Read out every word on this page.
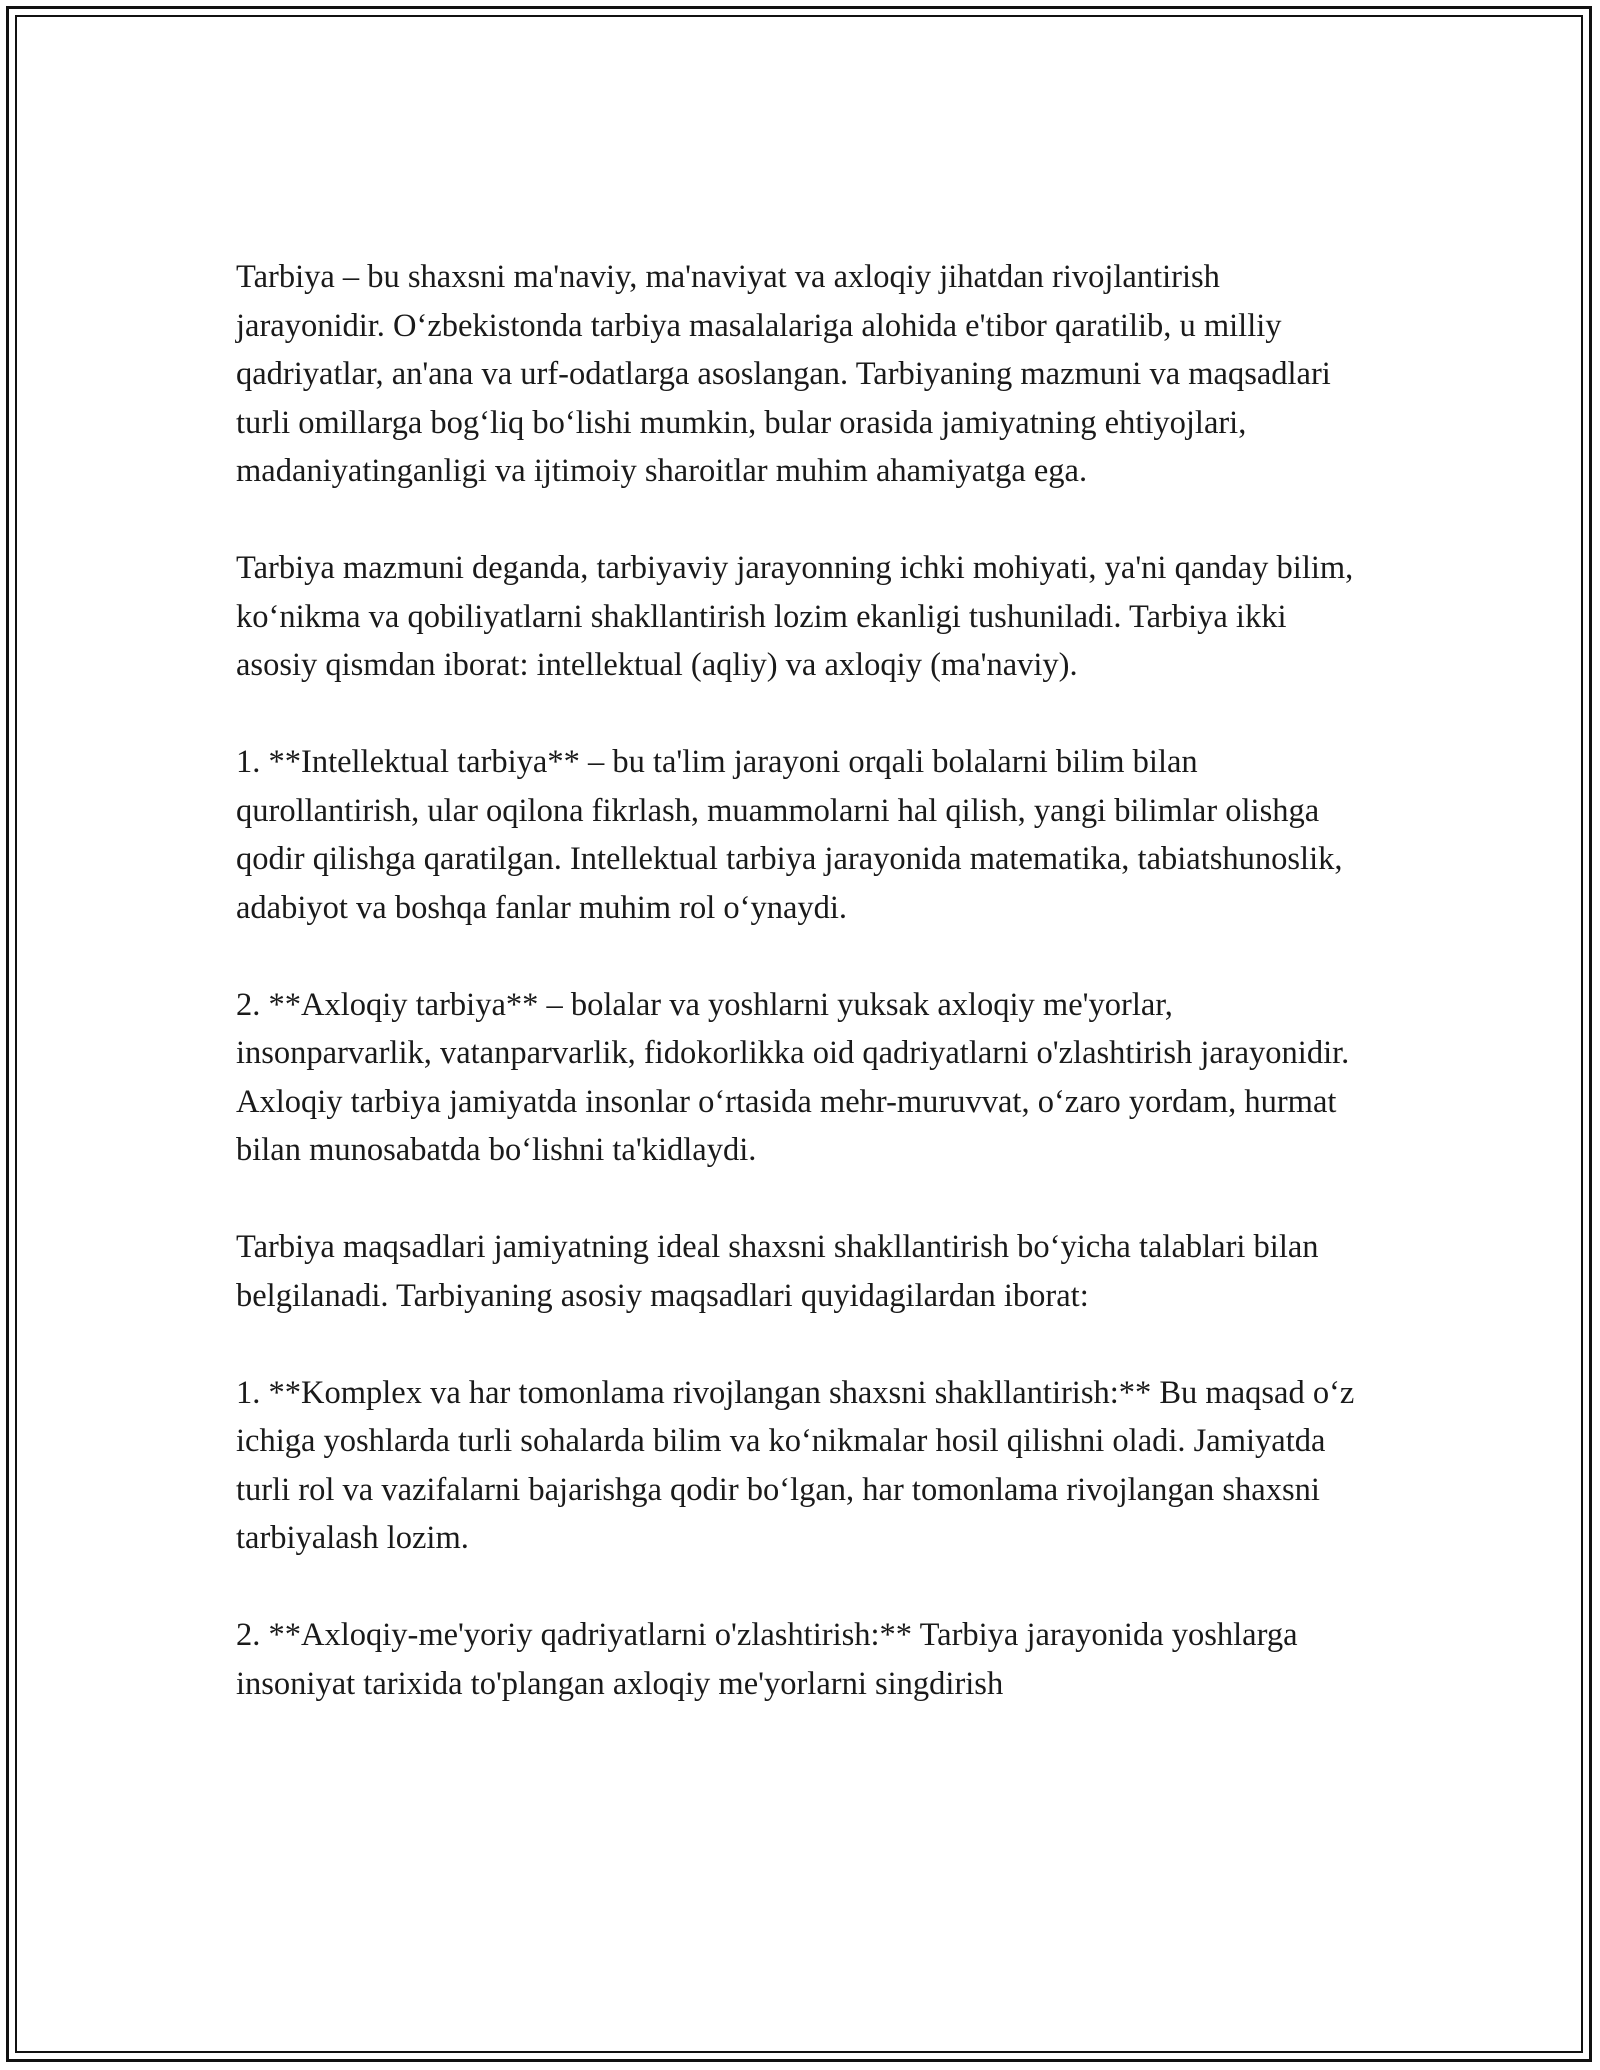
Tarbiya – bu shaxsni ma'naviy, ma'naviyat va axloqiy jihatdan rivojlantirish jarayonidir. O‘zbekistonda tarbiya masalalariga alohida e'tibor qaratilib, u milliy qadriyatlar, an'ana va urf-odatlarga asoslangan. Tarbiyaning mazmuni va maqsadlari turli omillarga bog‘liq bo‘lishi mumkin, bular orasida jamiyatning ehtiyojlari, madaniyatinganligi va ijtimoiy sharoitlar muhim ahamiyatga ega.

Tarbiya mazmuni deganda, tarbiyaviy jarayonning ichki mohiyati, ya'ni qanday bilim, ko‘nikma va qobiliyatlarni shakllantirish lozim ekanligi tushuniladi. Tarbiya ikki asosiy qismdan iborat: intellektual (aqliy) va axloqiy (ma'naviy).

1. **Intellektual tarbiya** – bu ta'lim jarayoni orqali bolalarni bilim bilan qurollantirish, ular oqilona fikrlash, muammolarni hal qilish, yangi bilimlar olishga qodir qilishga qaratilgan. Intellektual tarbiya jarayonida matematika, tabiatshunoslik, adabiyot va boshqa fanlar muhim rol o‘ynaydi.

2. **Axloqiy tarbiya** – bolalar va yoshlarni yuksak axloqiy me'yorlar, insonparvarlik, vatanparvarlik, fidokorlikka oid qadriyatlarni o'zlashtirish jarayonidir. Axloqiy tarbiya jamiyatda insonlar o‘rtasida mehr-muruvvat, o‘zaro yordam, hurmat bilan munosabatda bo‘lishni ta'kidlaydi.

Tarbiya maqsadlari jamiyatning ideal shaxsni shakllantirish bo‘yicha talablari bilan belgilanadi. Tarbiyaning asosiy maqsadlari quyidagilardan iborat:

1. **Komplex va har tomonlama rivojlangan shaxsni shakllantirish:** Bu maqsad o‘z ichiga yoshlarda turli sohalarda bilim va ko‘nikmalar hosil qilishni oladi. Jamiyatda turli rol va vazifalarni bajarishga qodir bo‘lgan, har tomonlama rivojlangan shaxsni tarbiyalash lozim.

2. **Axloqiy-me'yoriy qadriyatlarni o'zlashtirish:** Tarbiya jarayonida yoshlarga insoniyat tarixida to'plangan axloqiy me'yorlarni singdirish
